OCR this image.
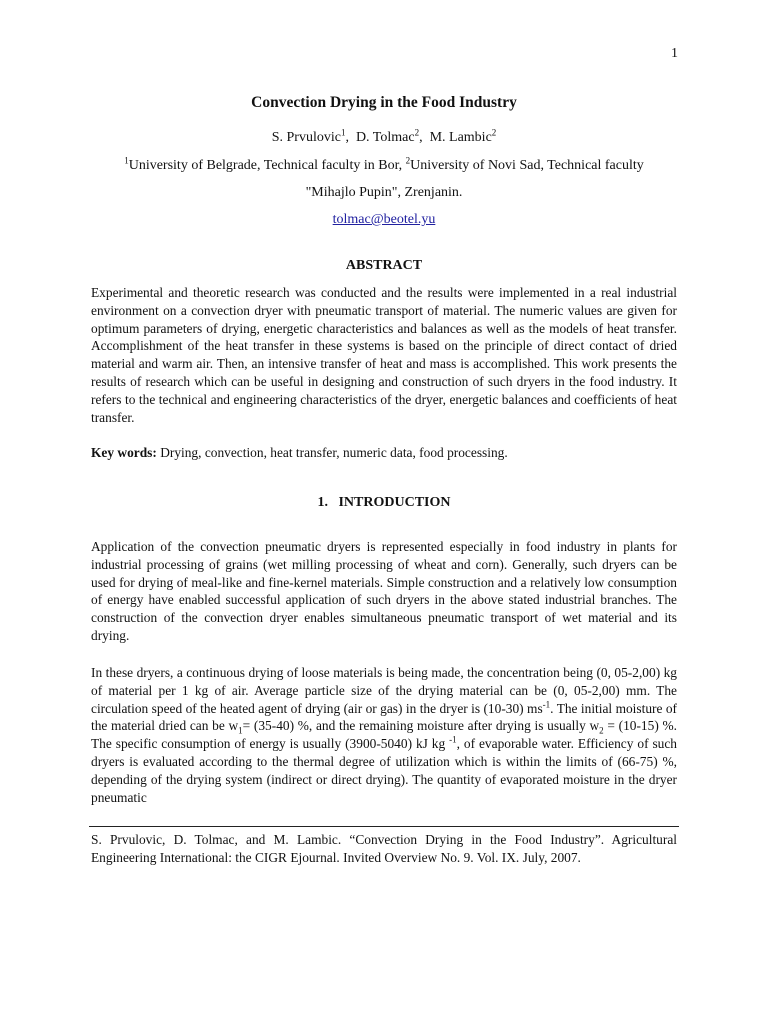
1
Convection Drying in the Food Industry
S. Prvulovic$^1$,  D. Tolmac$^2$,  M. Lambic$^2$
$^1$University of Belgrade, Technical faculty in Bor, $^2$University of Novi Sad, Technical faculty
"Mihajlo Pupin", Zrenjanin.
tolmac@beotel.yu
ABSTRACT

Experimental and theoretic research was conducted and the results were implemented in a real industrial environment on a convection dryer with pneumatic transport of material. The numeric values are given for optimum parameters of drying, energetic characteristics and balances as well as the models of heat transfer. Accomplishment of the heat transfer in these systems is based on the principle of direct contact of dried material and warm air. Then, an intensive transfer of heat and mass is accomplished. This work presents the results of research which can be useful in designing and construction of such dryers in the food industry. It refers to the technical and engineering characteristics of the dryer, energetic balances and coefficients of heat transfer.

Key words: Drying, convection, heat transfer, numeric data, food processing.

1.   INTRODUCTION

Application of the convection pneumatic dryers is represented especially in food industry in plants for industrial processing of grains (wet milling processing of wheat and corn). Generally, such dryers can be used for drying of meal-like and fine-kernel materials. Simple construction and a relatively low consumption of energy have enabled successful application of such dryers in the above stated industrial branches. The construction of the convection dryer enables simultaneous pneumatic transport of wet material and its drying.

In these dryers, a continuous drying of loose materials is being made, the concentration being (0, 05-2,00) kg of material per 1 kg of air. Average particle size of the drying material can be (0, 05-2,00) mm. The circulation speed of the heated agent of drying (air or gas) in the dryer is (10-30) $ms^{-1}$. The initial moisture of the material dried can be $w_1= (35-40)$ %, and the remaining moisture after drying is usually $w_2 = (10-15)$ %. The specific consumption of energy is usually (3900-5040) kJ kg $^{-1}$, of evaporable water. Efficiency of such dryers is evaluated according to the thermal degree of utilization which is within the limits of (66-75) %, depending of the drying system (indirect or direct drying). The quantity of evaporated moisture in the dryer pneumatic

S. Prvulovic, D. Tolmac, and M. Lambic. “Convection Drying in the Food Industry”. Agricultural Engineering International: the CIGR Ejournal. Invited Overview No. 9. Vol. IX. July, 2007.
